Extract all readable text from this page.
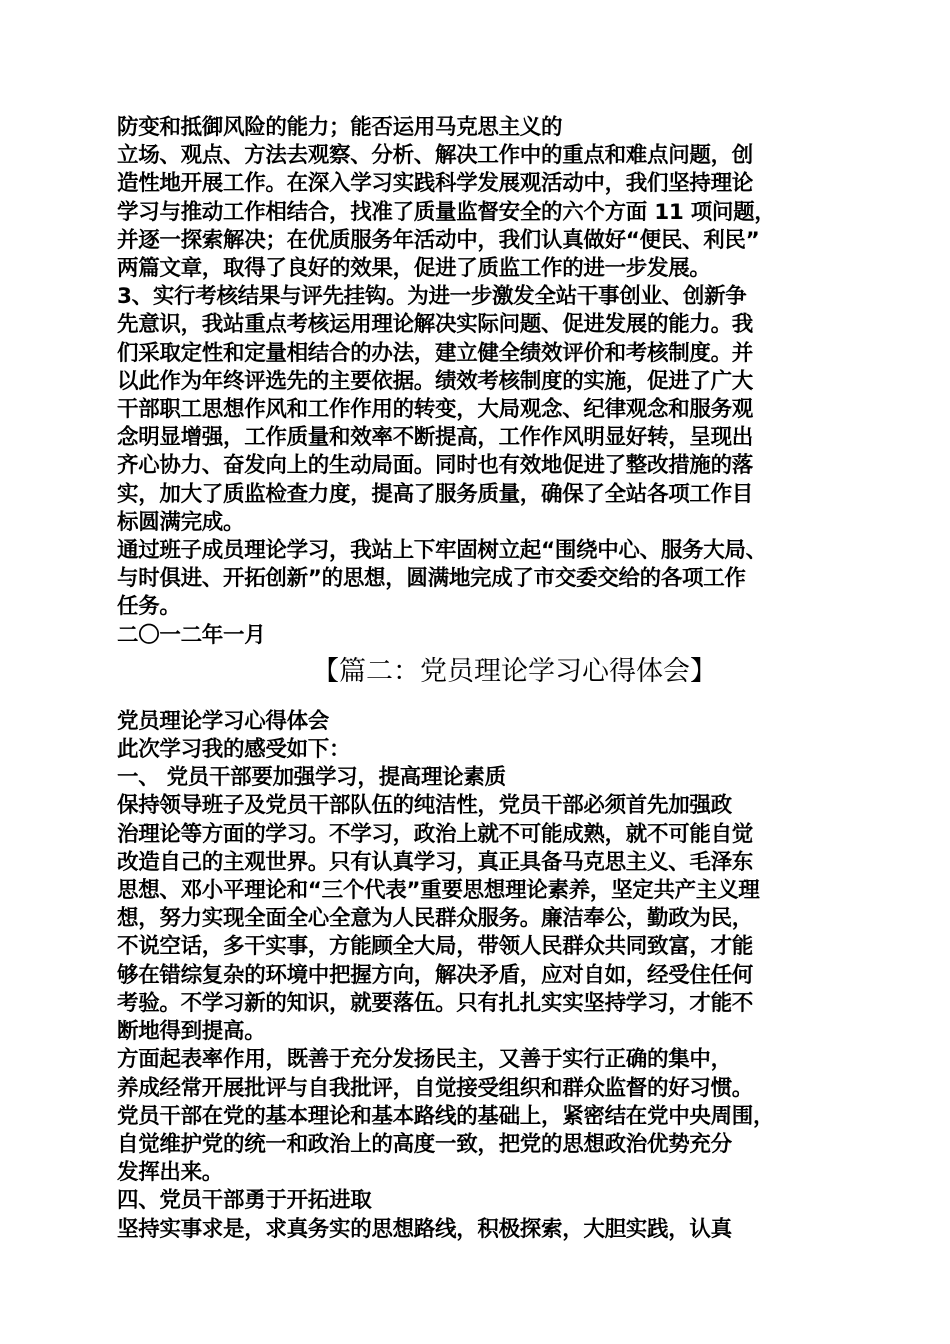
防变和抵御风险的能力；能否运用马克思主义的
立场、观点、方法去观察、分析、解决工作中的重点和难点问题，创
造性地开展工作。在深入学习实践科学发展观活动中，我们坚持理论
学习与推动工作相结合，找准了质量监督安全的六个方面 11 项问题，
并逐一探索解决；在优质服务年活动中，我们认真做好“便民、利民”
两篇文章，取得了良好的效果，促进了质监工作的进一步发展。
3、实行考核结果与评先挂钩。为进一步激发全站干事创业、创新争
先意识，我站重点考核运用理论解决实际问题、促进发展的能力。我
们采取定性和定量相结合的办法，建立健全绩效评价和考核制度。并
以此作为年终评选先的主要依据。绩效考核制度的实施，促进了广大
干部职工思想作风和工作作用的转变，大局观念、纪律观念和服务观
念明显增强，工作质量和效率不断提高，工作作风明显好转，呈现出
齐心协力、奋发向上的生动局面。同时也有效地促进了整改措施的落
实，加大了质监检查力度，提高了服务质量，确保了全站各项工作目
标圆满完成。
通过班子成员理论学习，我站上下牢固树立起“围绕中心、服务大局、
与时俱进、开拓创新”的思想，圆满地完成了市交委交给的各项工作
任务。
二〇一二年一月
【篇二：党员理论学习心得体会】
党员理论学习心得体会
此次学习我的感受如下：
一、 党员干部要加强学习，提高理论素质
保持领导班子及党员干部队伍的纯洁性，党员干部必须首先加强政
治理论等方面的学习。不学习，政治上就不可能成熟，就不可能自觉
改造自己的主观世界。只有认真学习，真正具备马克思主义、毛泽东
思想、邓小平理论和“三个代表”重要思想理论素养，坚定共产主义理
想，努力实现全面全心全意为人民群众服务。廉洁奉公，勤政为民，
不说空话，多干实事，方能顾全大局，带领人民群众共同致富，才能
够在错综复杂的环境中把握方向，解决矛盾，应对自如，经受住任何
考验。不学习新的知识，就要落伍。只有扎扎实实坚持学习，才能不
断地得到提高。
方面起表率作用，既善于充分发扬民主，又善于实行正确的集中，
养成经常开展批评与自我批评，自觉接受组织和群众监督的好习惯。
党员干部在党的基本理论和基本路线的基础上，紧密结在党中央周围，
自觉维护党的统一和政治上的高度一致，把党的思想政治优势充分
发挥出来。
四、党员干部勇于开拓进取
坚持实事求是，求真务实的思想路线，积极探索，大胆实践，认真
